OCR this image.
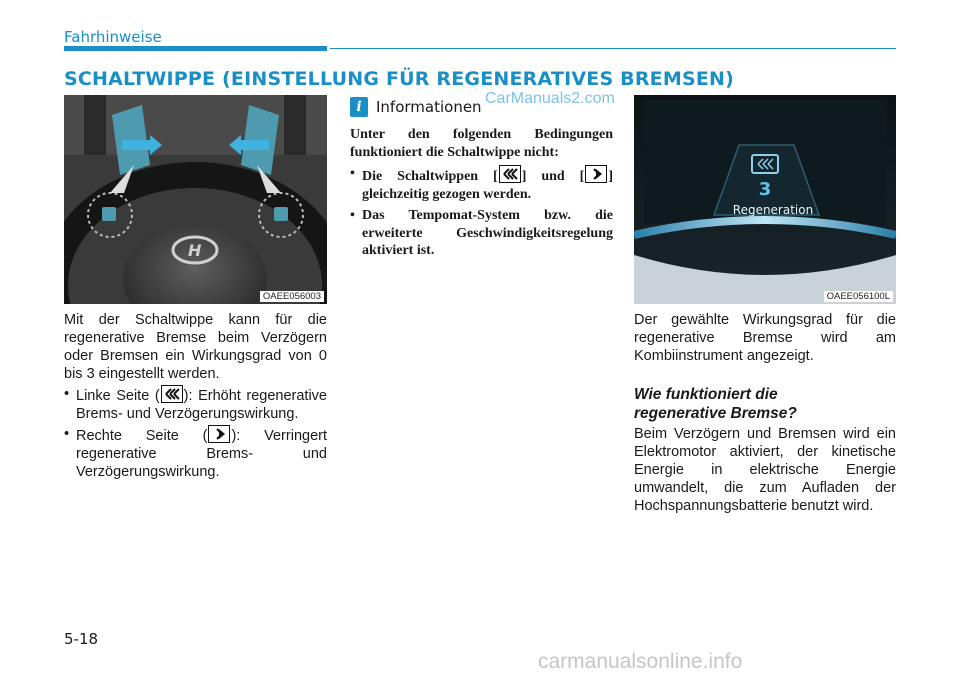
Fahrhinweise
SCHALTWIPPE (EINSTELLUNG FÜR REGENERATIVES BREMSEN)
H
OAEE056003

Mit der Schaltwippe kann für die regenerative Bremse beim Verzögern oder Bremsen ein Wirkungsgrad von 0 bis 3 eingestellt werden.

• Linke Seite ( ): Erhöht regenerative Brems- und Verzögerungswirkung.

• Rechte Seite ( ): Verringert regenerative Brems- und Verzögerungswirkung.

i Informationen

Unter den folgenden Bedingungen funktioniert die Schaltwippe nicht:

• Die Schaltwippen [ ] und [ ] gleichzeitig gezogen werden.

• Das Tempomat-System bzw. die erweiterte Geschwindigkeitsregelung aktiviert ist.

CarManuals2.com
3
Regeneration
OAEE056100L
Der gewählte Wirkungsgrad für die regenerative Bremse wird am Kombiinstrument angezeigt.
Wie funktioniert die
regenerative Bremse?
Beim Verzögern und Bremsen wird ein Elektromotor aktiviert, der kinetische Energie in elektrische Energie umwandelt, die zum Aufladen der Hochspannungsbatterie benutzt wird.
5-18
carmanualsonline.info
